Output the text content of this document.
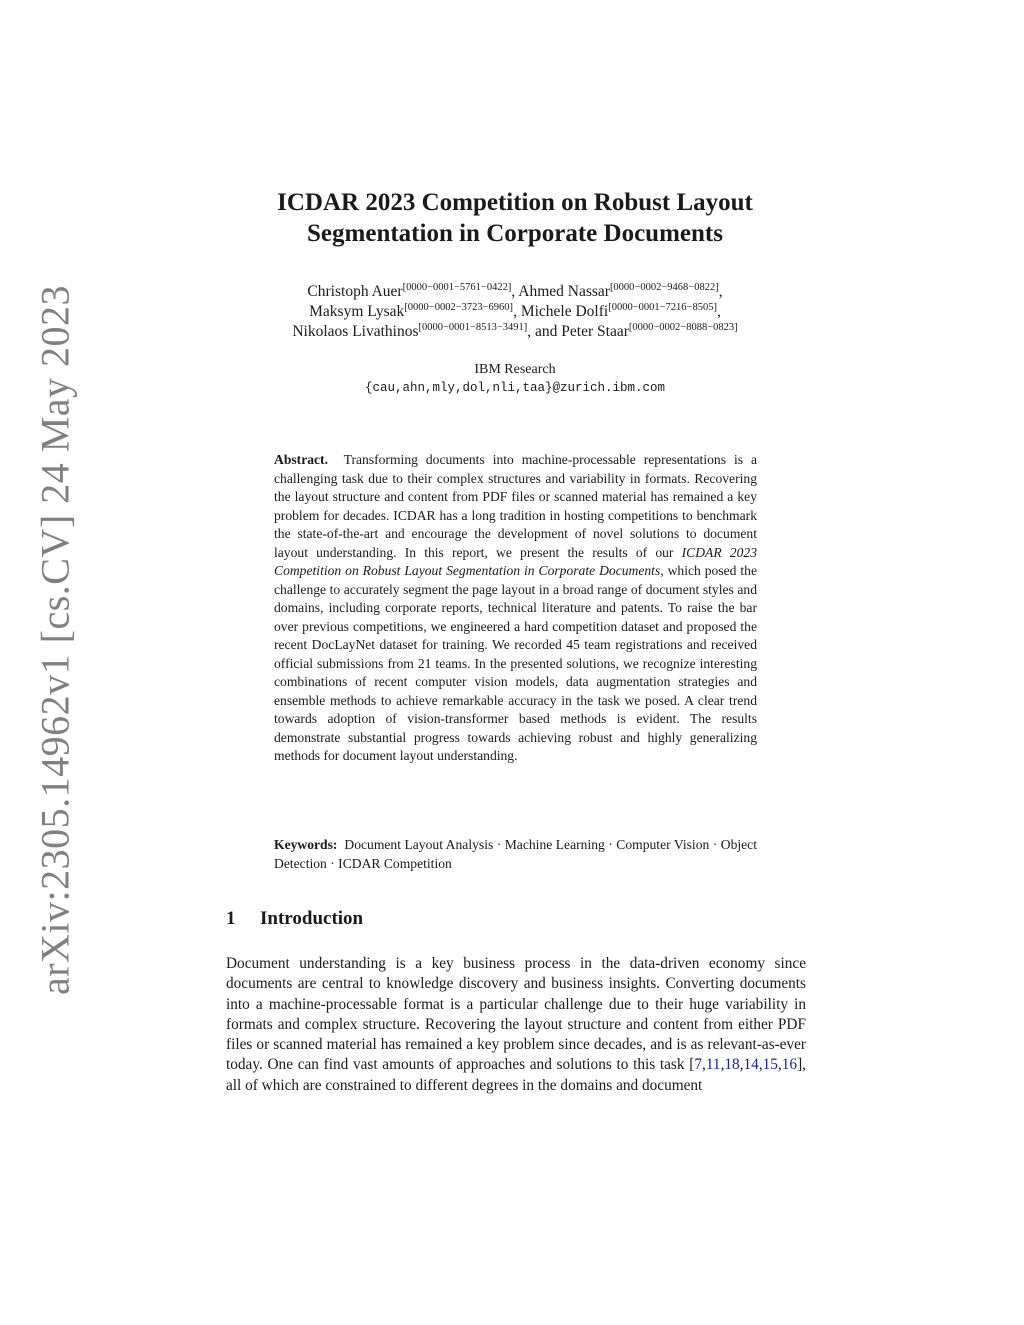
arXiv:2305.14962v1 [cs.CV] 24 May 2023
ICDAR 2023 Competition on Robust Layout
Segmentation in Corporate Documents
Christoph Auer[0000−0001−5761−0422], Ahmed Nassar[0000−0002−9468−0822],
Maksym Lysak[0000−0002−3723−6960], Michele Dolfi[0000−0001−7216−8505],
Nikolaos Livathinos[0000−0001−8513−3491], and Peter Staar[0000−0002−8088−0823]
IBM Research
{cau,ahn,mly,dol,nli,taa}@zurich.ibm.com
Abstract. Transforming documents into machine-processable representations is a challenging task due to their complex structures and variability in formats. Recovering the layout structure and content from PDF files or scanned material has remained a key problem for decades. ICDAR has a long tradition in hosting competitions to benchmark the state-of-the-art and encourage the development of novel solutions to document layout understanding. In this report, we present the results of our ICDAR 2023 Competition on Robust Layout Segmentation in Corporate Documents, which posed the challenge to accurately segment the page layout in a broad range of document styles and domains, including corporate reports, technical literature and patents. To raise the bar over previous competitions, we engineered a hard competition dataset and proposed the recent DocLayNet dataset for training. We recorded 45 team registrations and received official submissions from 21 teams. In the presented solutions, we recognize interesting combinations of recent computer vision models, data augmentation strategies and ensemble methods to achieve remarkable accuracy in the task we posed. A clear trend towards adoption of vision-transformer based methods is evident. The results demonstrate substantial progress towards achieving robust and highly generalizing methods for document layout understanding.
Keywords: Document Layout Analysis · Machine Learning · Computer Vision · Object Detection · ICDAR Competition
1 Introduction
Document understanding is a key business process in the data-driven economy since documents are central to knowledge discovery and business insights. Converting documents into a machine-processable format is a particular challenge due to their huge variability in formats and complex structure. Recovering the layout structure and content from either PDF files or scanned material has remained a key problem since decades, and is as relevant-as-ever today. One can find vast amounts of approaches and solutions to this task [7,11,18,14,15,16], all of which are constrained to different degrees in the domains and document
